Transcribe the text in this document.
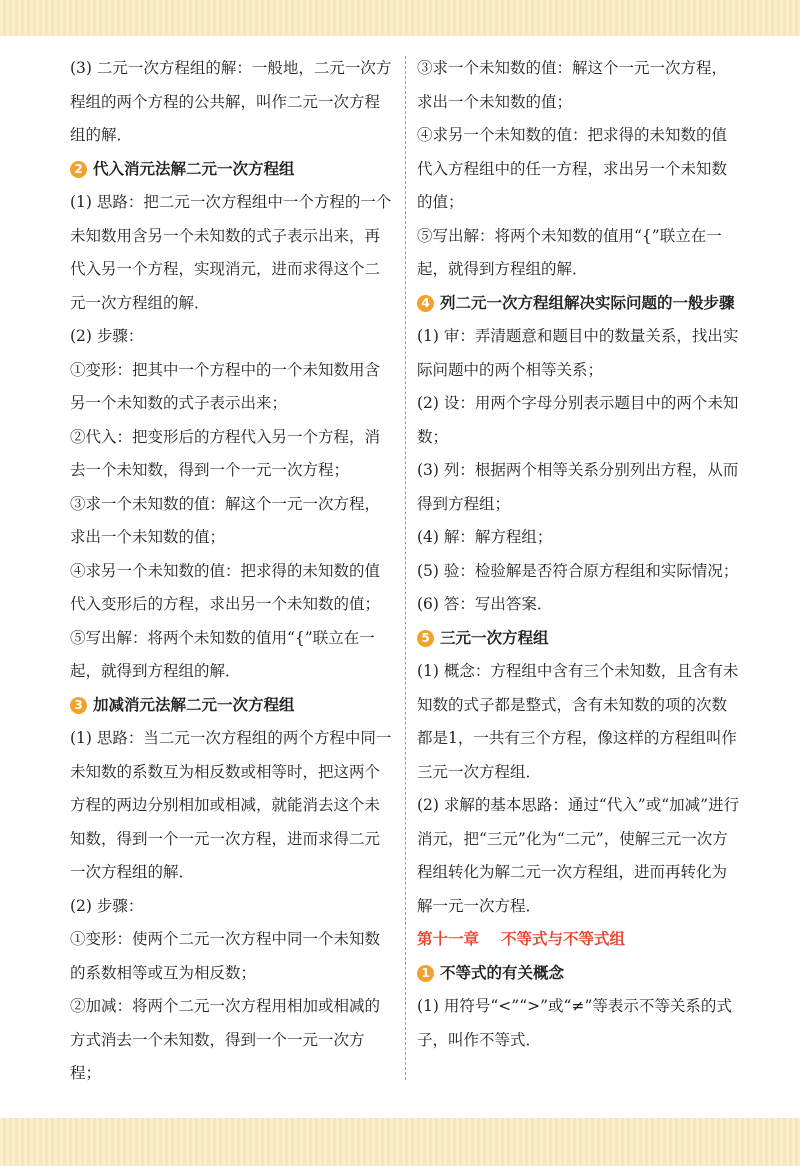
(3) 二元一次方程组的解：一般地，二元一次方程组的两个方程的公共解，叫作二元一次方程组的解．

2 代入消元法解二元一次方程组

(1) 思路：把二元一次方程组中一个方程的一个未知数用含另一个未知数的式子表示出来，再代入另一个方程，实现消元，进而求得这个二元一次方程组的解．

(2) 步骤：

①变形：把其中一个方程中的一个未知数用含另一个未知数的式子表示出来；

②代入：把变形后的方程代入另一个方程，消去一个未知数，得到一个一元一次方程；

③求一个未知数的值：解这个一元一次方程，求出一个未知数的值；

④求另一个未知数的值：把求得的未知数的值代入变形后的方程，求出另一个未知数的值；

⑤写出解：将两个未知数的值用“{”联立在一起，就得到方程组的解．

3 加减消元法解二元一次方程组

(1) 思路：当二元一次方程组的两个方程中同一未知数的系数互为相反数或相等时，把这两个方程的两边分别相加或相减，就能消去这个未知数，得到一个一元一次方程，进而求得二元一次方程组的解．

(2) 步骤：

①变形：使两个二元一次方程中同一个未知数的系数相等或互为相反数；

②加减：将两个二元一次方程用相加或相减的方式消去一个未知数，得到一个一元一次方程；

③求一个未知数的值：解这个一元一次方程，求出一个未知数的值；

④求另一个未知数的值：把求得的未知数的值代入方程组中的任一方程，求出另一个未知数的值；

⑤写出解：将两个未知数的值用“{”联立在一起，就得到方程组的解．

4 列二元一次方程组解决实际问题的一般步骤

(1) 审：弄清题意和题目中的数量关系，找出实际问题中的两个相等关系；

(2) 设：用两个字母分别表示题目中的两个未知数；

(3) 列：根据两个相等关系分别列出方程，从而得到方程组；

(4) 解：解方程组；

(5) 验：检验解是否符合原方程组和实际情况；

(6) 答：写出答案．

5 三元一次方程组

(1) 概念：方程组中含有三个未知数，且含有未知数的式子都是整式，含有未知数的项的次数都是1，一共有三个方程，像这样的方程组叫作三元一次方程组．

(2) 求解的基本思路：通过“代入”或“加减”进行消元，把“三元”化为“二元”，使解三元一次方程组转化为解二元一次方程组，进而再转化为解一元一次方程．

第十一章 不等式与不等式组
1 不等式的有关概念

(1) 用符号“<”“>”或“≠”等表示不等关系的式子，叫作不等式．
